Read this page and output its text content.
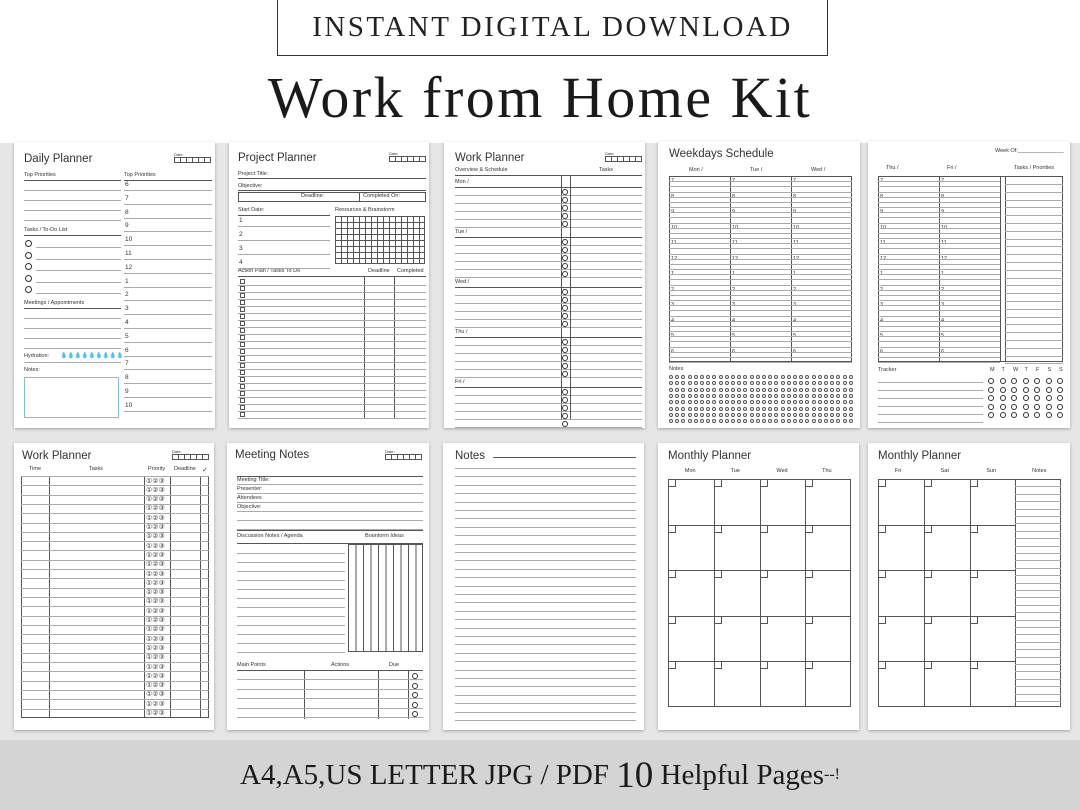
INSTANT DIGITAL DOWNLOAD
Work from Home Kit
Daily Planner	Date:
Top Priorities	Top Priorities
Tasks / To-Do List
Meetings / Appointments
Hydration:
Notes:
💧 💧 💧 💧 💧 💧 💧 💧 💧
6
7
8
9
10
11
12
1
2
3
4
5
6
7
8
9
10
Project Planner	Date:
Project Title:
Objective:
Deadline:	Completed On:
Start Date:	Resources & Brainstorm
Action Plan / Tasks To Do	Deadline Completed
1
2
3
4
Work Planner	Date:
Overview & Schedule	Tasks
Mon /
Tue /
Wed /
Thu /
Fri /
Weekdays Schedule
Notes
Mon /	Tue /	Wed /
7	7	7
8	8	8
9	9	9
10	10	10
11	11	11
12	12	12
1	1	1
2	2	2
3	3	3
4	4	4
5	5	5
6	6	6
Week Of:_______________
Tasks / Priorities
Tracker
Thu /	Fri /
7	7
8	8
9	9
10	10
11	11
12	12
1	1
2	2
3	3
4	4
5	5
6	6
M T W T F S S
Work Planner	Date:
Time	Tasks	Priority Deadline ✓
①②③
①②③
①②③
①②③
①②③
①②③
①②③
①②③
①②③
①②③
①②③
①②③
①②③
①②③
①②③
①②③
①②③
①②③
①②③
①②③
①②③
①②③
①②③
①②③
①②③
①②③
Meeting Notes	Date:
Meeting Title:
Presenter:
Attendees
Objective:
Discussion Notes / Agenda	Braintorm Ideas
Main Points	Actions	Due
Notes	Monthly Planner
Mon	Tue	Wed	Thu
Monthly Planner
Fri	Sat	Sun	Notes
A4,A5,US LETTER JPG / PDF 10 Helpful Pages --!
